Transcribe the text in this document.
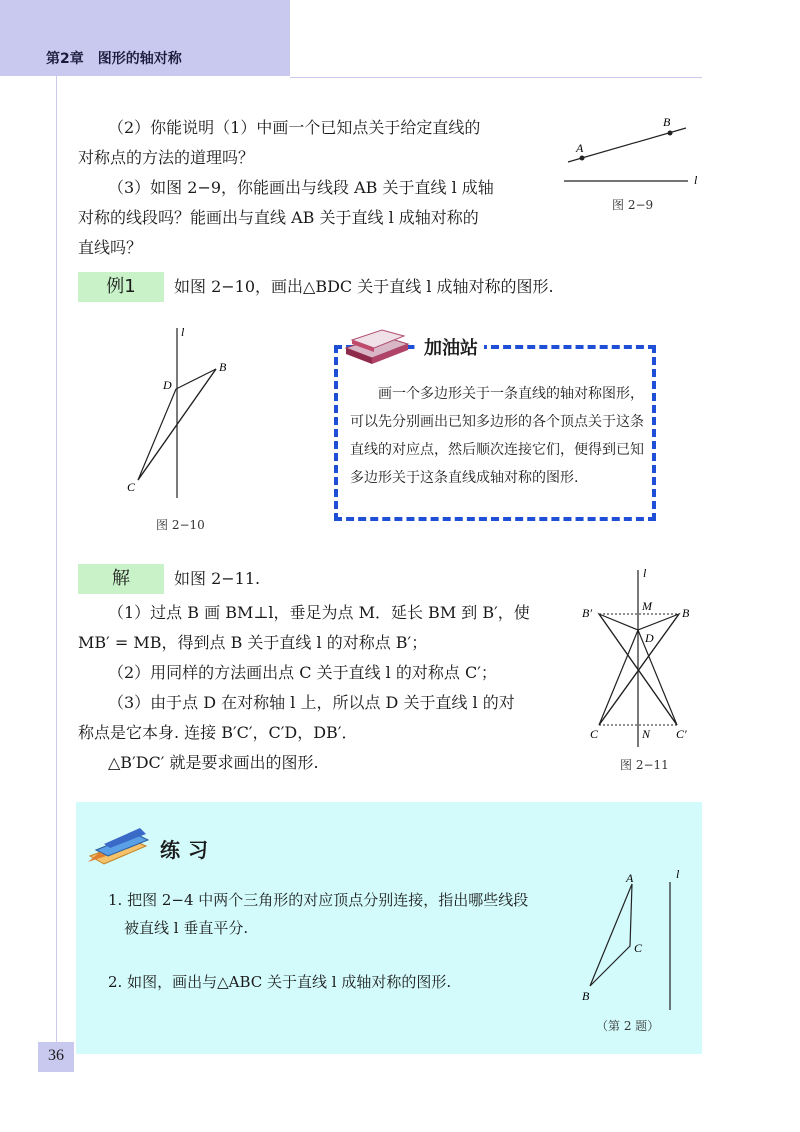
第2章　图形的轴对称
（2）你能说明（1）中画一个已知点关于给定直线的
对称点的方法的道理吗？
（3）如图 2−9，你能画出与线段 AB 关于直线 l 成轴
对称的线段吗？能画出与直线 AB 关于直线 l 成轴对称的
直线吗？
A
B
l
图 2−9
例1	如图 2−10，画出△BDC 关于直线 l 成轴对称的图形.
l
B
D
C
图 2−10
加油站
画一个多边形关于一条直线的轴对称图形，可以先分别画出已知多边形的各个顶点关于这条直线的对应点，然后顺次连接它们，便得到已知多边形关于这条直线成轴对称的图形.
解	如图 2−11.
（1）过点 B 画 BM⊥l，垂足为点 M．延长 BM 到 B′，使
MB′ = MB，得到点 B 关于直线 l 的对称点 B′；
（2）用同样的方法画出点 C 关于直线 l 的对称点 C′；
（3）由于点 D 在对称轴 l 上，所以点 D 关于直线 l 的对
称点是它本身. 连接 B′C′，C′D，DB′．
△B′DC′ 就是要求画出的图形.
l
B′	M	B
D
C	N C′
图 2−11
练习
1. 把图 2−4 中两个三角形的对应顶点分别连接，指出哪些线段
被直线 l 垂直平分.
2. 如图，画出与△ABC 关于直线 l 成轴对称的图形.
A
C
B
l
（第 2 题）
36
